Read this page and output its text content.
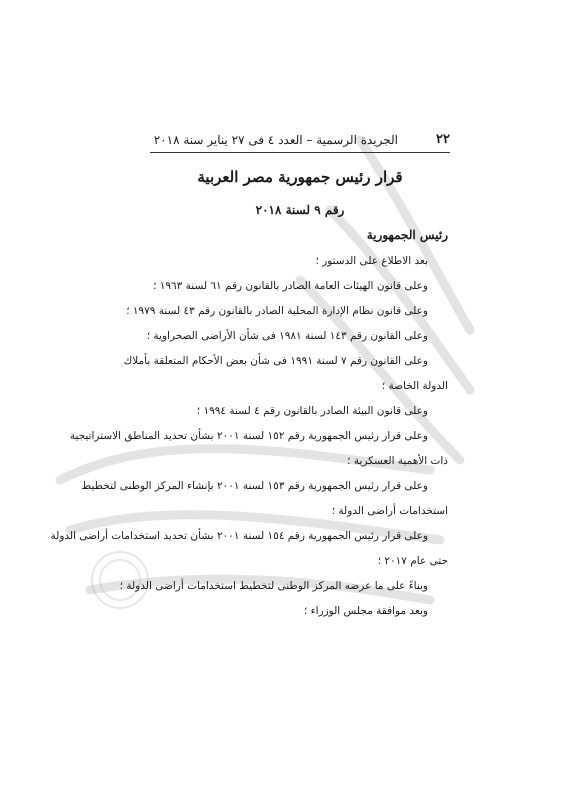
٢٢
الجريدة الرسمية – العدد ٤ فى ٢٧ يناير سنة ٢٠١٨
قرار رئيس جمهورية مصر العربية
رقم ٩ لسنة ٢٠١٨
رئيس الجمهورية
بعد الاطلاع على الدستور ؛
وعلى قانون الهيئات العامة الصادر بالقانون رقم ٦١ لسنة ١٩٦٣ ؛
وعلى قانون نظام الإدارة المحلية الصادر بالقانون رقم ٤٣ لسنة ١٩٧٩ ؛
وعلى القانون رقم ١٤٣ لسنة ١٩٨١ فى شأن الأراضى الصحراوية ؛
وعلى القانون رقم ٧ لسنة ١٩٩١ فى شأن بعض الأحكام المتعلقة بأملاك
الدولة الخاصة ؛
وعلى قانون البيئة الصادر بالقانون رقم ٤ لسنة ١٩٩٤ ؛
وعلى قرار رئيس الجمهورية رقم ١٥٢ لسنة ٢٠٠١ بشأن تحديد المناطق الاستراتيجية
ذات الأهمية العسكرية ؛
وعلى قرار رئيس الجمهورية رقم ١٥٣ لسنة ٢٠٠١ بإنشاء المركز الوطنى لتخطيط
استخدامات أراضى الدولة ؛
وعلى قرار رئيس الجمهورية رقم ١٥٤ لسنة ٢٠٠١ بشأن تحديد استخدامات أراضى الدولة
حتى عام ٢٠١٧ ؛
وبناءً على ما عرضه المركز الوطنى لتخطيط استخدامات أراضى الدولة ؛
وبعد موافقة مجلس الوزراء ؛
